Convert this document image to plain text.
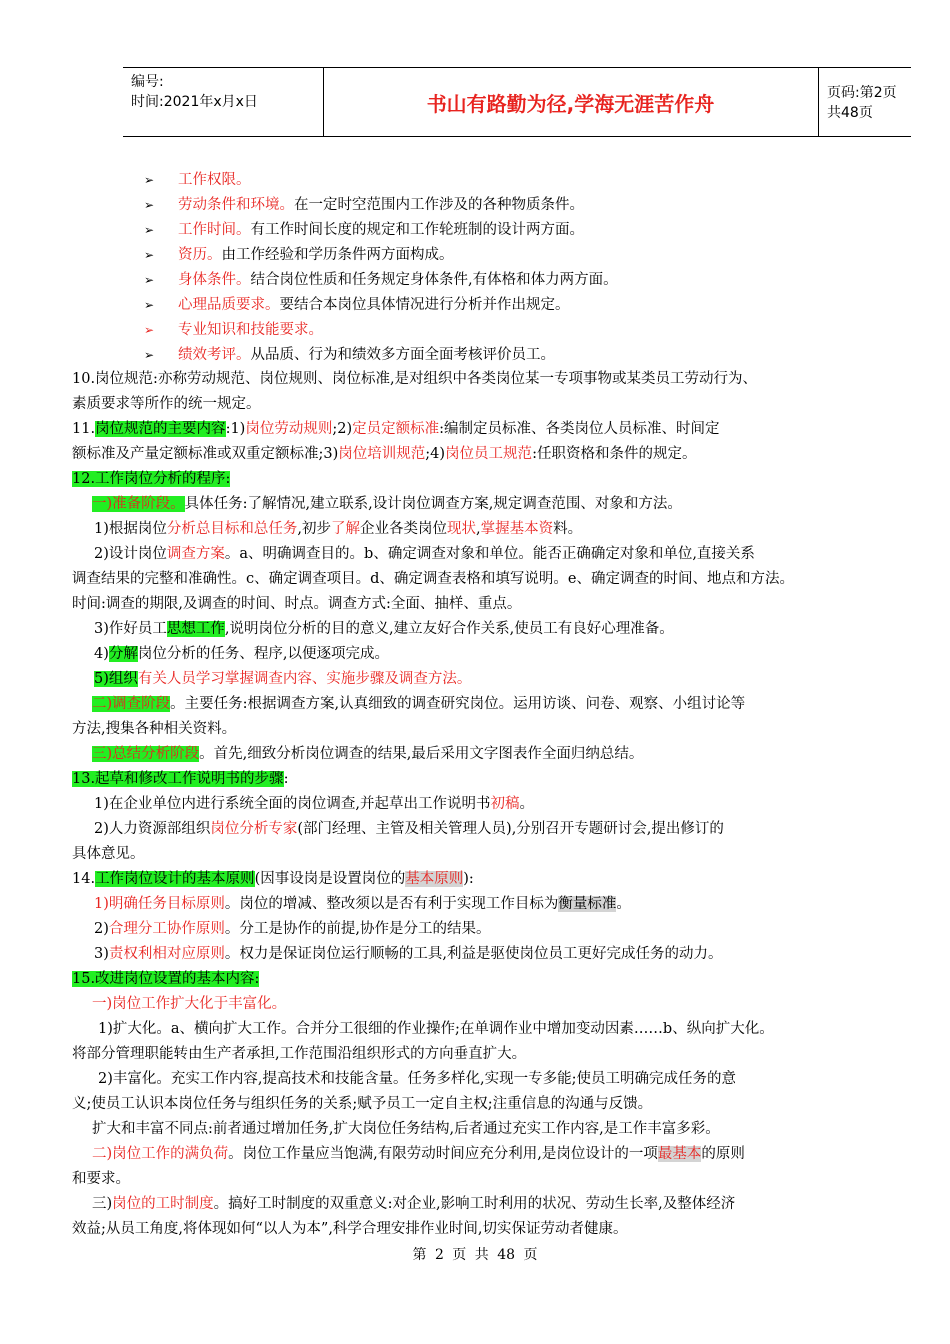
编号:
时间:2021年x月x日	书山有路勤为径,学海无涯苦作舟	页码:第2页 共48页
➢ 工作权限。
➢ 劳动条件和环境。在一定时空范围内工作涉及的各种物质条件。
➢ 工作时间。有工作时间长度的规定和工作轮班制的设计两方面。
➢ 资历。由工作经验和学历条件两方面构成。
➢ 身体条件。结合岗位性质和任务规定身体条件,有体格和体力两方面。
➢ 心理品质要求。要结合本岗位具体情况进行分析并作出规定。
➢ 专业知识和技能要求。
➢ 绩效考评。从品质、行为和绩效多方面全面考核评价员工。
10.岗位规范:亦称劳动规范、岗位规则、岗位标准,是对组织中各类岗位某一专项事物或某类员工劳动行为、
素质要求等所作的统一规定。
11.岗位规范的主要内容:1)岗位劳动规则;2)定员定额标准:编制定员标准、各类岗位人员标准、时间定
额标准及产量定额标准或双重定额标准;3)岗位培训规范;4)岗位员工规范:任职资格和条件的规定。
12.工作岗位分析的程序:
一)准备阶段。具体任务:了解情况,建立联系,设计岗位调查方案,规定调查范围、对象和方法。
1)根据岗位分析总目标和总任务,初步了解企业各类岗位现状,掌握基本资料。
2)设计岗位调查方案。a、明确调查目的。b、确定调查对象和单位。能否正确确定对象和单位,直接关系
调查结果的完整和准确性。c、确定调查项目。d、确定调查表格和填写说明。e、确定调查的时间、地点和方法。
时间:调查的期限,及调查的时间、时点。调查方式:全面、抽样、重点。
3)作好员工思想工作,说明岗位分析的目的意义,建立友好合作关系,使员工有良好心理准备。
4)分解岗位分析的任务、程序,以便逐项完成。
5)组织有关人员学习掌握调查内容、实施步骤及调查方法。
二)调查阶段。主要任务:根据调查方案,认真细致的调查研究岗位。运用访谈、问卷、观察、小组讨论等
方法,搜集各种相关资料。
三)总结分析阶段。首先,细致分析岗位调查的结果,最后采用文字图表作全面归纳总结。
13.起草和修改工作说明书的步骤:
1)在企业单位内进行系统全面的岗位调查,并起草出工作说明书初稿。
2)人力资源部组织岗位分析专家(部门经理、主管及相关管理人员),分别召开专题研讨会,提出修订的
具体意见。
14.工作岗位设计的基本原则(因事设岗是设置岗位的基本原则):
1)明确任务目标原则。岗位的增减、整改须以是否有利于实现工作目标为衡量标准。
2)合理分工协作原则。分工是协作的前提,协作是分工的结果。
3)责权利相对应原则。权力是保证岗位运行顺畅的工具,利益是驱使岗位员工更好完成任务的动力。
15.改进岗位设置的基本内容:
一)岗位工作扩大化于丰富化。
1)扩大化。a、横向扩大工作。合并分工很细的作业操作;在单调作业中增加变动因素……b、纵向扩大化。
将部分管理职能转由生产者承担,工作范围沿组织形式的方向垂直扩大。
2)丰富化。充实工作内容,提高技术和技能含量。任务多样化,实现一专多能;使员工明确完成任务的意
义;使员工认识本岗位任务与组织任务的关系;赋予员工一定自主权;注重信息的沟通与反馈。
扩大和丰富不同点:前者通过增加任务,扩大岗位任务结构,后者通过充实工作内容,是工作丰富多彩。
二)岗位工作的满负荷。岗位工作量应当饱满,有限劳动时间应充分利用,是岗位设计的一项最基本的原则
和要求。
三)岗位的工时制度。搞好工时制度的双重意义:对企业,影响工时利用的状况、劳动生长率,及整体经济
效益;从员工角度,将体现如何“以人为本”,科学合理安排作业时间,切实保证劳动者健康。
第 2 页 共 48 页
